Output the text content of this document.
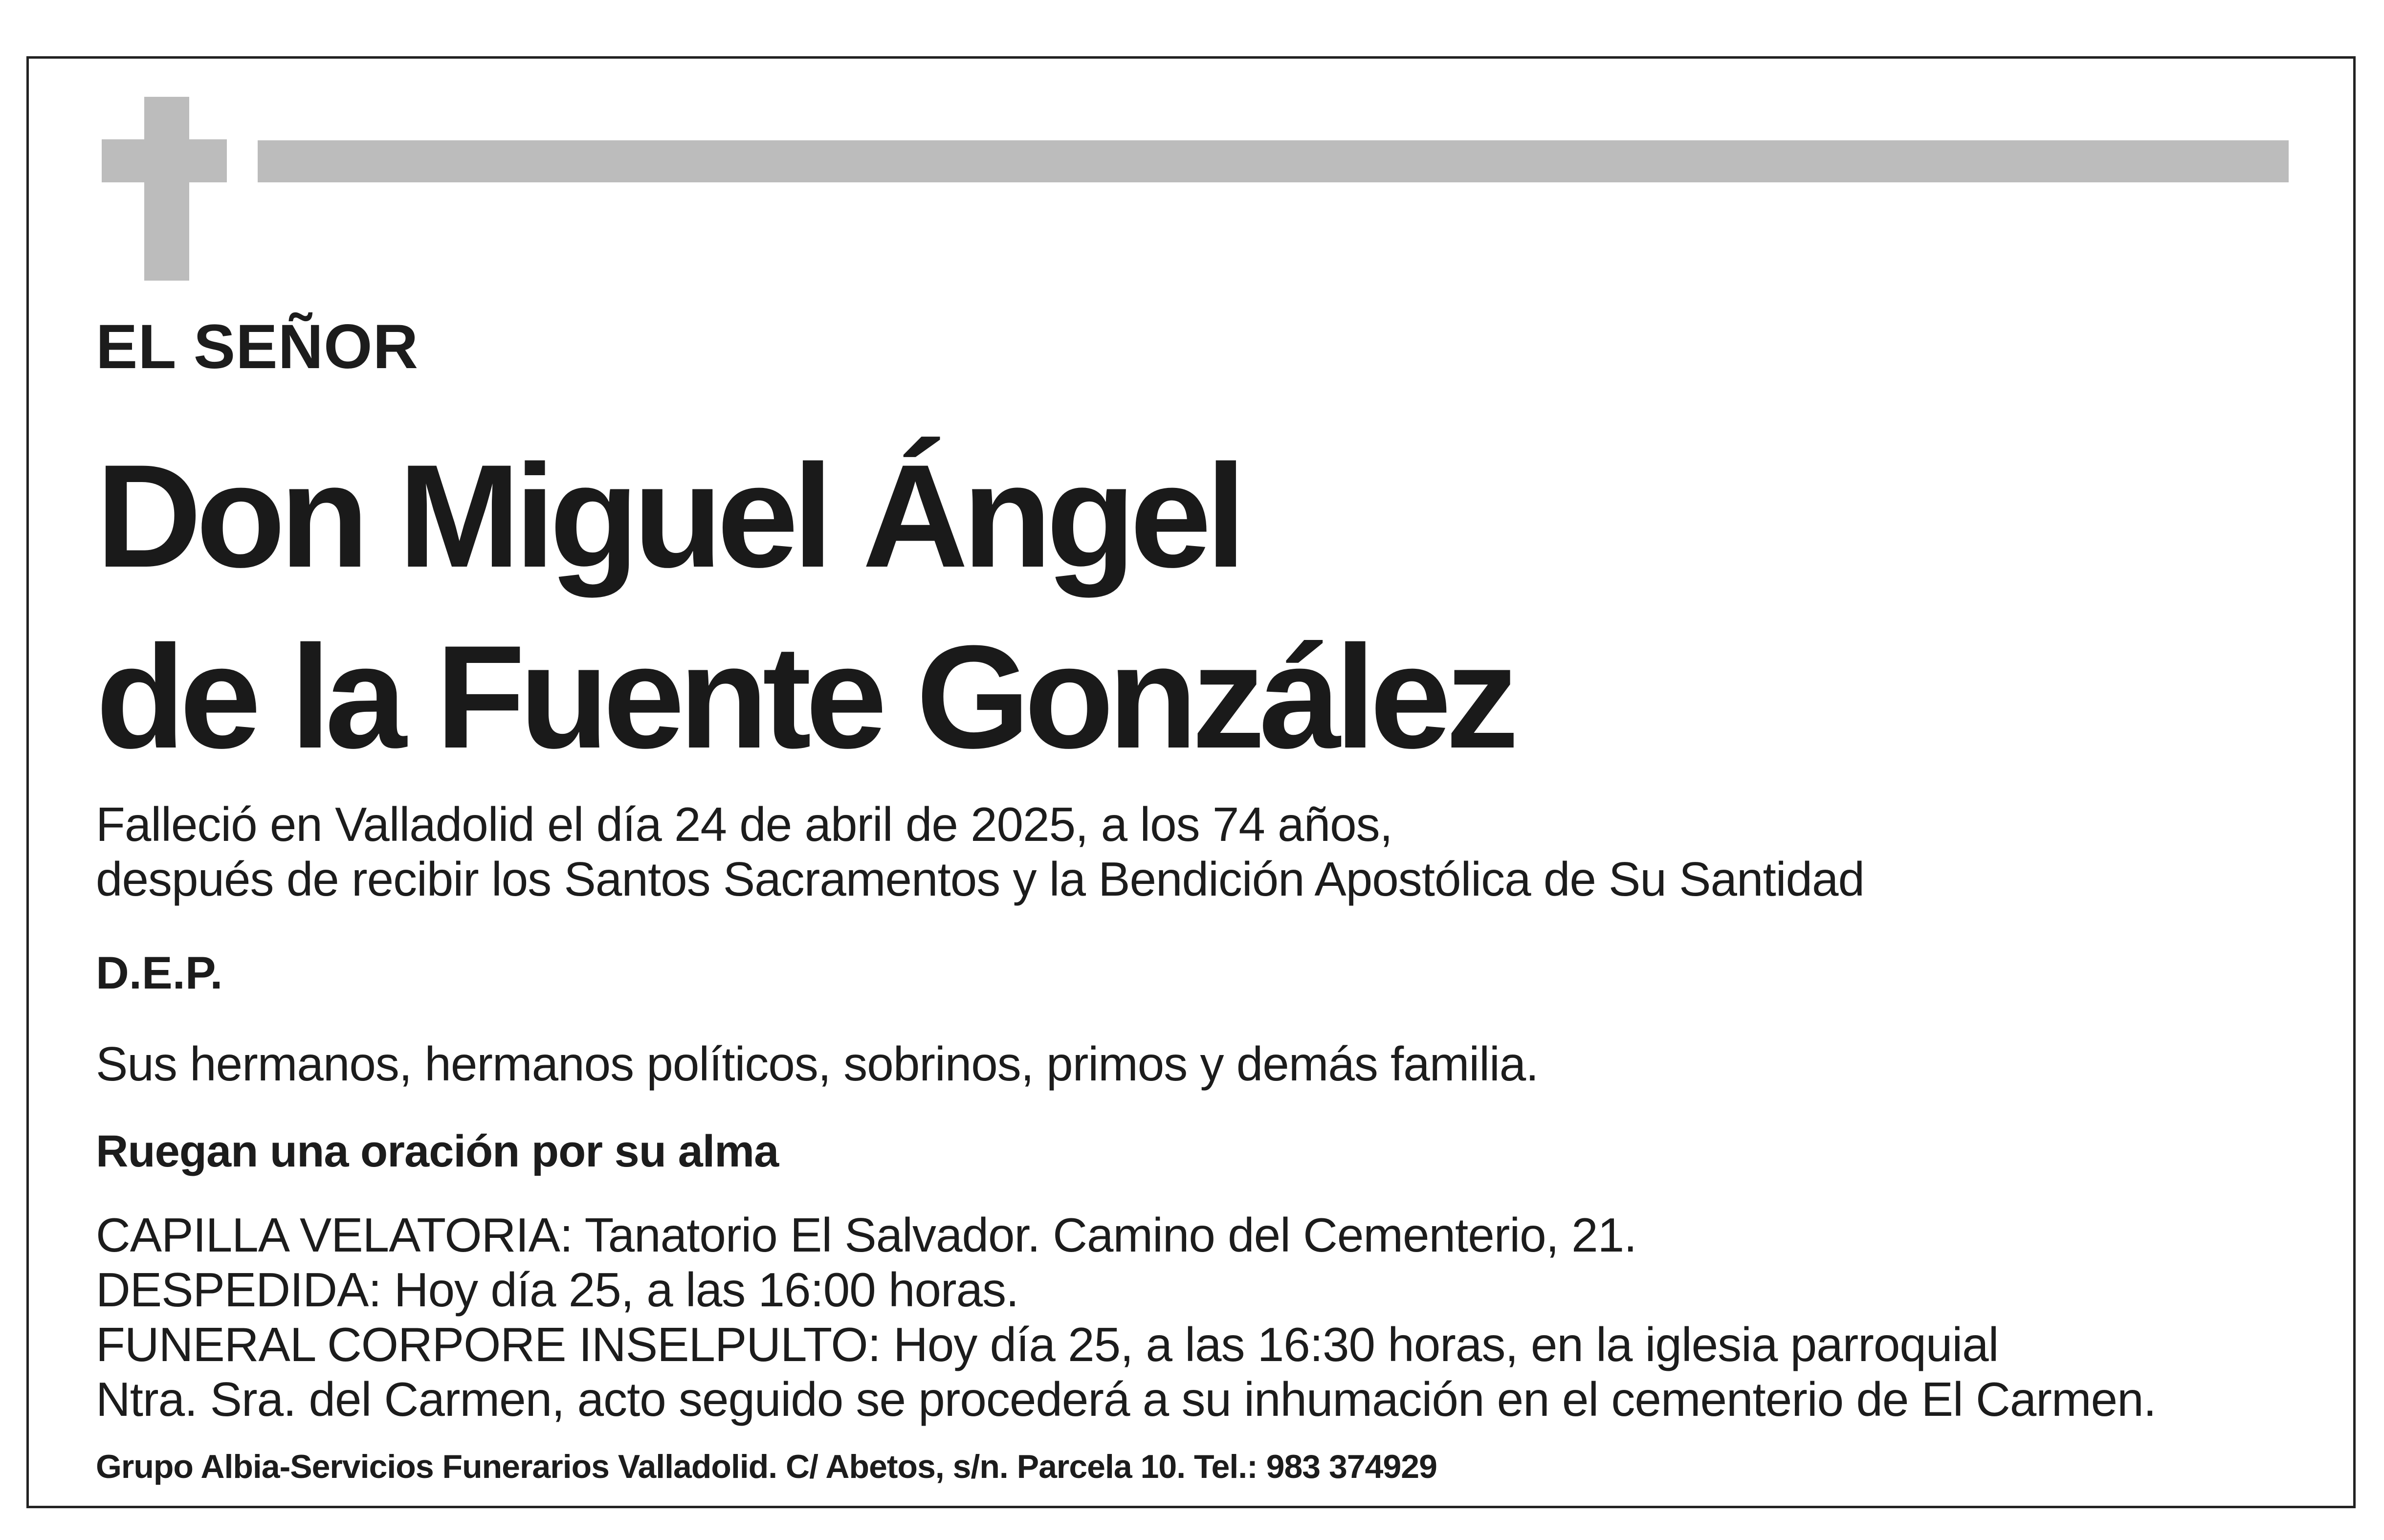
EL SEÑOR
Don Miguel Ángel
de la Fuente González
Falleció en Valladolid el día 24 de abril de 2025, a los 74 años,
después de recibir los Santos Sacramentos y la Bendición Apostólica de Su Santidad
D.E.P.
Sus hermanos, hermanos políticos, sobrinos, primos y demás familia.
Ruegan una oración por su alma
CAPILLA VELATORIA: Tanatorio El Salvador. Camino del Cementerio, 21.
DESPEDIDA: Hoy día 25, a las 16:00 horas.
FUNERAL CORPORE INSELPULTO: Hoy día 25, a las 16:30 horas, en la iglesia parroquial
Ntra. Sra. del Carmen, acto seguido se procederá a su inhumación en el cementerio de El Carmen.
Grupo Albia-Servicios Funerarios Valladolid. C/ Abetos, s/n. Parcela 10. Tel.: 983 374929
